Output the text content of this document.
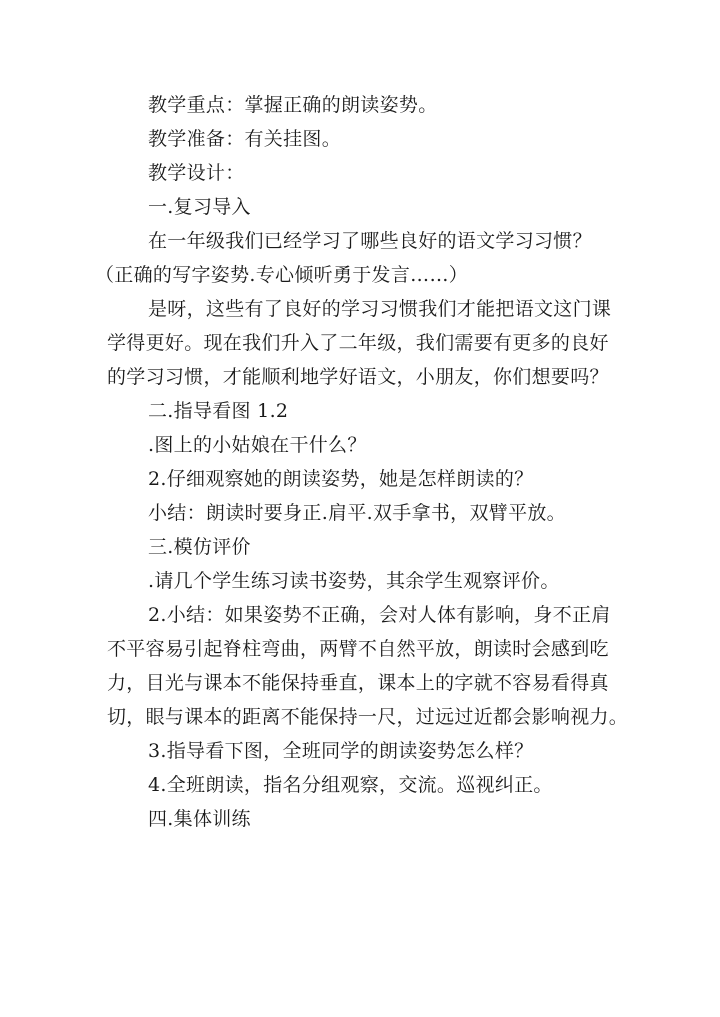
教学重点：掌握正确的朗读姿势。

教学准备：有关挂图。

教学设计：

一.复习导入

在一年级我们已经学习了哪些良好的语文学习习惯？

（正确的写字姿势.专心倾听勇于发言……）

是呀，这些有了良好的学习习惯我们才能把语文这门课

学得更好。现在我们升入了二年级，我们需要有更多的良好

的学习习惯，才能顺利地学好语文，小朋友，你们想要吗？

二.指导看图 1.2

.图上的小姑娘在干什么？

2.仔细观察她的朗读姿势，她是怎样朗读的？

小结：朗读时要身正.肩平.双手拿书，双臂平放。

三.模仿评价

.请几个学生练习读书姿势，其余学生观察评价。

2.小结：如果姿势不正确，会对人体有影响，身不正肩

不平容易引起脊柱弯曲，两臂不自然平放，朗读时会感到吃

力，目光与课本不能保持垂直，课本上的字就不容易看得真

切，眼与课本的距离不能保持一尺，过远过近都会影响视力。

3.指导看下图，全班同学的朗读姿势怎么样？

4.全班朗读，指名分组观察，交流。巡视纠正。

四.集体训练
